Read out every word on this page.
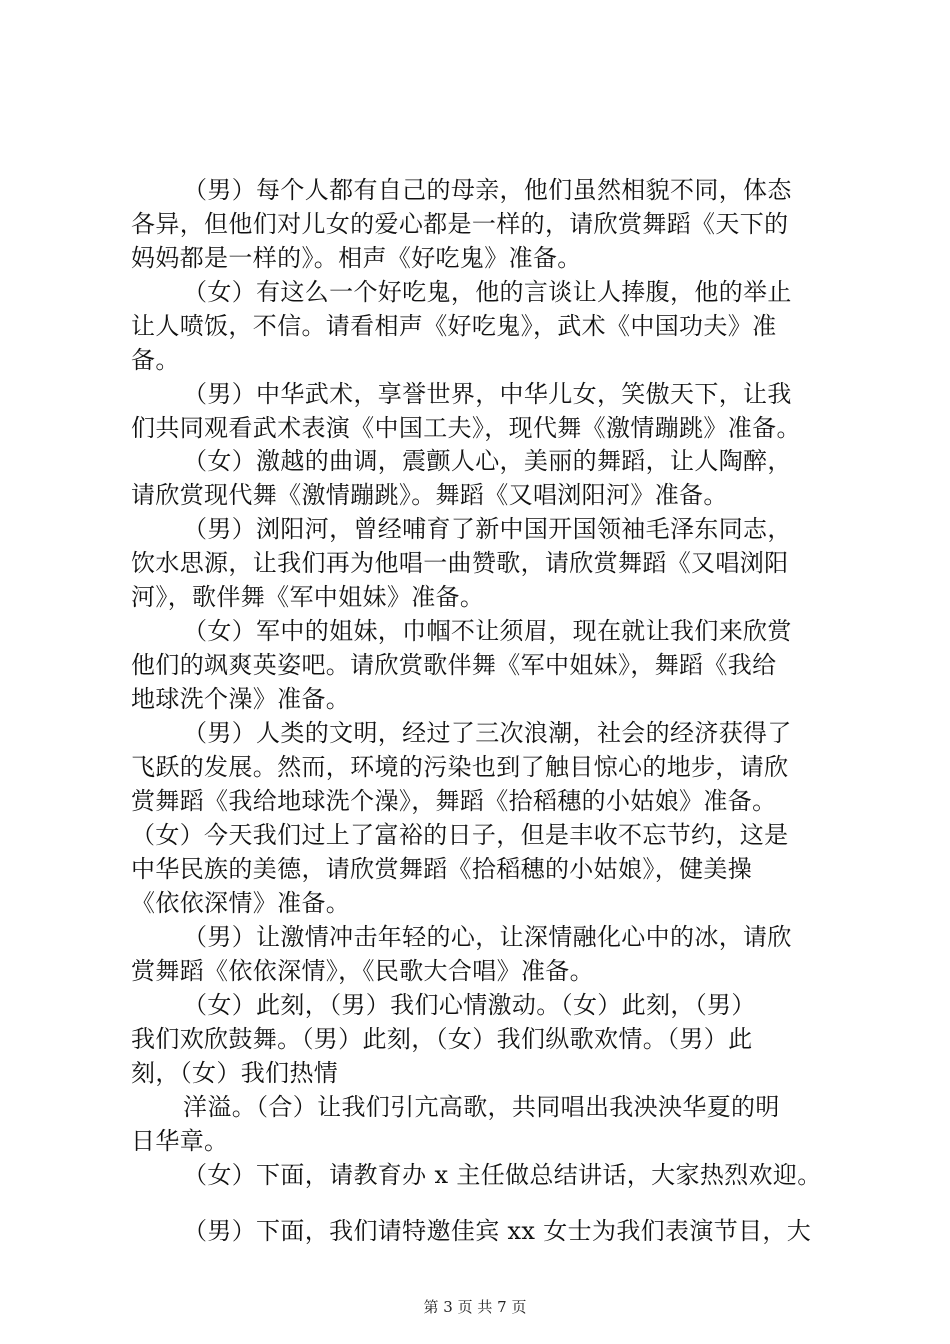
（男）每个人都有自己的母亲，他们虽然相貌不同，体态

各异，但他们对儿女的爱心都是一样的，请欣赏舞蹈《天下的

妈妈都是一样的》。相声《好吃鬼》准备。

（女）有这么一个好吃鬼，他的言谈让人捧腹，他的举止

让人喷饭，不信。请看相声《好吃鬼》，武术《中国功夫》准

备。

（男）中华武术，享誉世界，中华儿女，笑傲天下，让我

们共同观看武术表演《中国工夫》，现代舞《激情蹦跳》准备。

（女）激越的曲调，震颤人心，美丽的舞蹈，让人陶醉，

请欣赏现代舞《激情蹦跳》。舞蹈《又唱浏阳河》准备。

（男）浏阳河，曾经哺育了新中国开国领袖毛泽东同志，

饮水思源，让我们再为他唱一曲赞歌，请欣赏舞蹈《又唱浏阳

河》，歌伴舞《军中姐妹》准备。

（女）军中的姐妹，巾帼不让须眉，现在就让我们来欣赏

他们的飒爽英姿吧。请欣赏歌伴舞《军中姐妹》，舞蹈《我给

地球洗个澡》准备。

（男）人类的文明，经过了三次浪潮，社会的经济获得了

飞跃的发展。然而，环境的污染也到了触目惊心的地步，请欣

赏舞蹈《我给地球洗个澡》，舞蹈《拾稻穗的小姑娘》准备。

（女）今天我们过上了富裕的日子，但是丰收不忘节约，这是

中华民族的美德，请欣赏舞蹈《拾稻穗的小姑娘》，健美操

《依依深情》准备。

（男）让激情冲击年轻的心，让深情融化心中的冰，请欣

赏舞蹈《依依深情》，《民歌大合唱》准备。

（女）此刻，（男）我们心情激动。（女）此刻，（男）

我们欢欣鼓舞。（男）此刻，（女）我们纵歌欢情。（男）此

刻，（女）我们热情

洋溢。（合）让我们引亢高歌，共同唱出我泱泱华夏的明

日华章。

（女）下面，请教育办 x 主任做总结讲话，大家热烈欢迎。

（男）下面，我们请特邀佳宾 xx 女士为我们表演节目，大

第 3 页 共 7 页
